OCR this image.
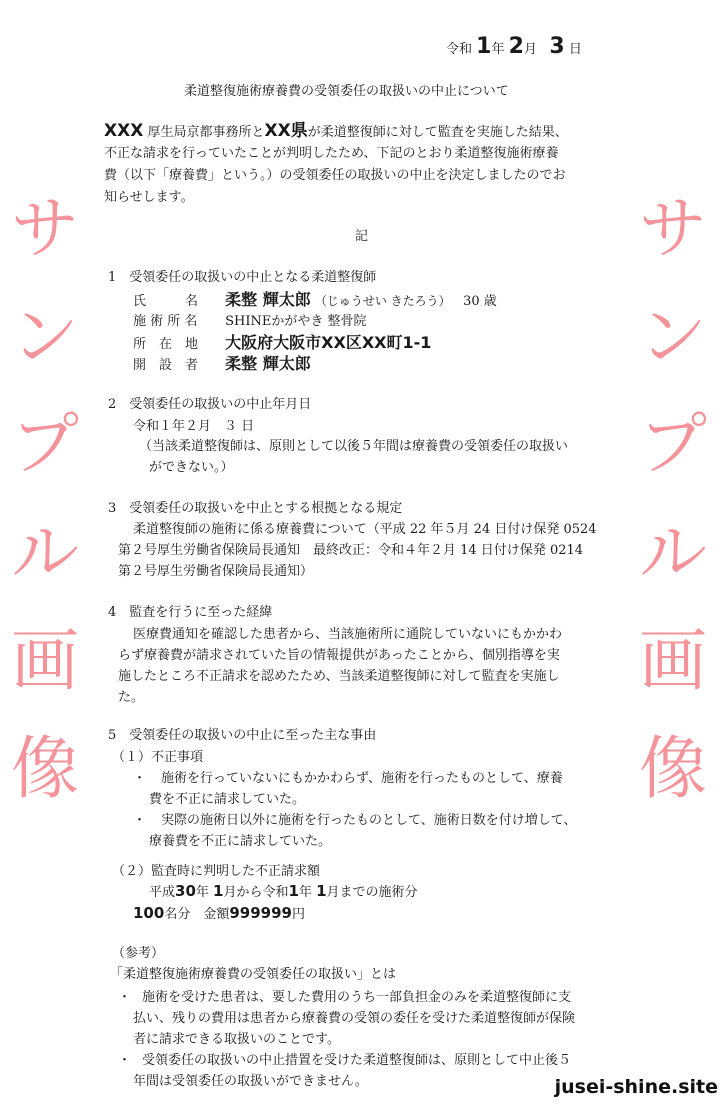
サ
ン
プ
ル
画
像
サ
ン
プ
ル
画
像
令和 1年 2月 3 日
柔道整復施術療養費の受領委任の取扱いの中止について
XXX 厚生局京都事務所とXX県が柔道整復師に対して監査を実施した結果、
不正な請求を行っていたことが判明したため、下記のとおり柔道整復施術療養
費（以下「療養費」という。）の受領委任の取扱いの中止を決定しましたのでお
知らせします。
記
1　受領委任の取扱いの中止となる柔道整復師
氏　　　名 柔整 輝太郎 （じゅうせい きたろう） 30 歳
施 術 所 名 SHINEかがやき 整骨院
所　在　地 大阪府大阪市XX区XX町1-1
開　設　者 柔整 輝太郎
2　受領委任の取扱いの中止年月日
令和１年２月　３ 日
（当該柔道整復師は、原則として以後５年間は療養費の受領委任の取扱い
ができない。）
3　受領委任の取扱いを中止とする根拠となる規定
柔道整復師の施術に係る療養費について（平成 22 年５月 24 日付け保発 0524
第２号厚生労働省保険局長通知　最終改正：令和４年２月 14 日付け保発 0214
第２号厚生労働省保険局長通知）
4　監査を行うに至った経緯
医療費通知を確認した患者から、当該施術所に通院していないにもかかわ
らず療養費が請求されていた旨の情報提供があったことから、個別指導を実
施したところ不正請求を認めたため、当該柔道整復師に対して監査を実施し
た。
5　受領委任の取扱いの中止に至った主な事由
（１）不正事項
・ 施術を行っていないにもかかわらず、施術を行ったものとして、療養
費を不正に請求していた。
・ 実際の施術日以外に施術を行ったものとして、施術日数を付け増して、
療養費を不正に請求していた。
（２）監査時に判明した不正請求額
平成30年 1月から令和1年 1月までの施術分
100名分　金額999999円
（参考）
「柔道整復施術療養費の受領委任の取扱い」とは
・ 施術を受けた患者は、要した費用のうち一部負担金のみを柔道整復師に支
払い、残りの費用は患者から療養費の受領の委任を受けた柔道整復師が保険
者に請求できる取扱いのことです。
・ 受領委任の取扱いの中止措置を受けた柔道整復師は、原則として中止後５
年間は受領委任の取扱いができません。	jusei-shine.site
